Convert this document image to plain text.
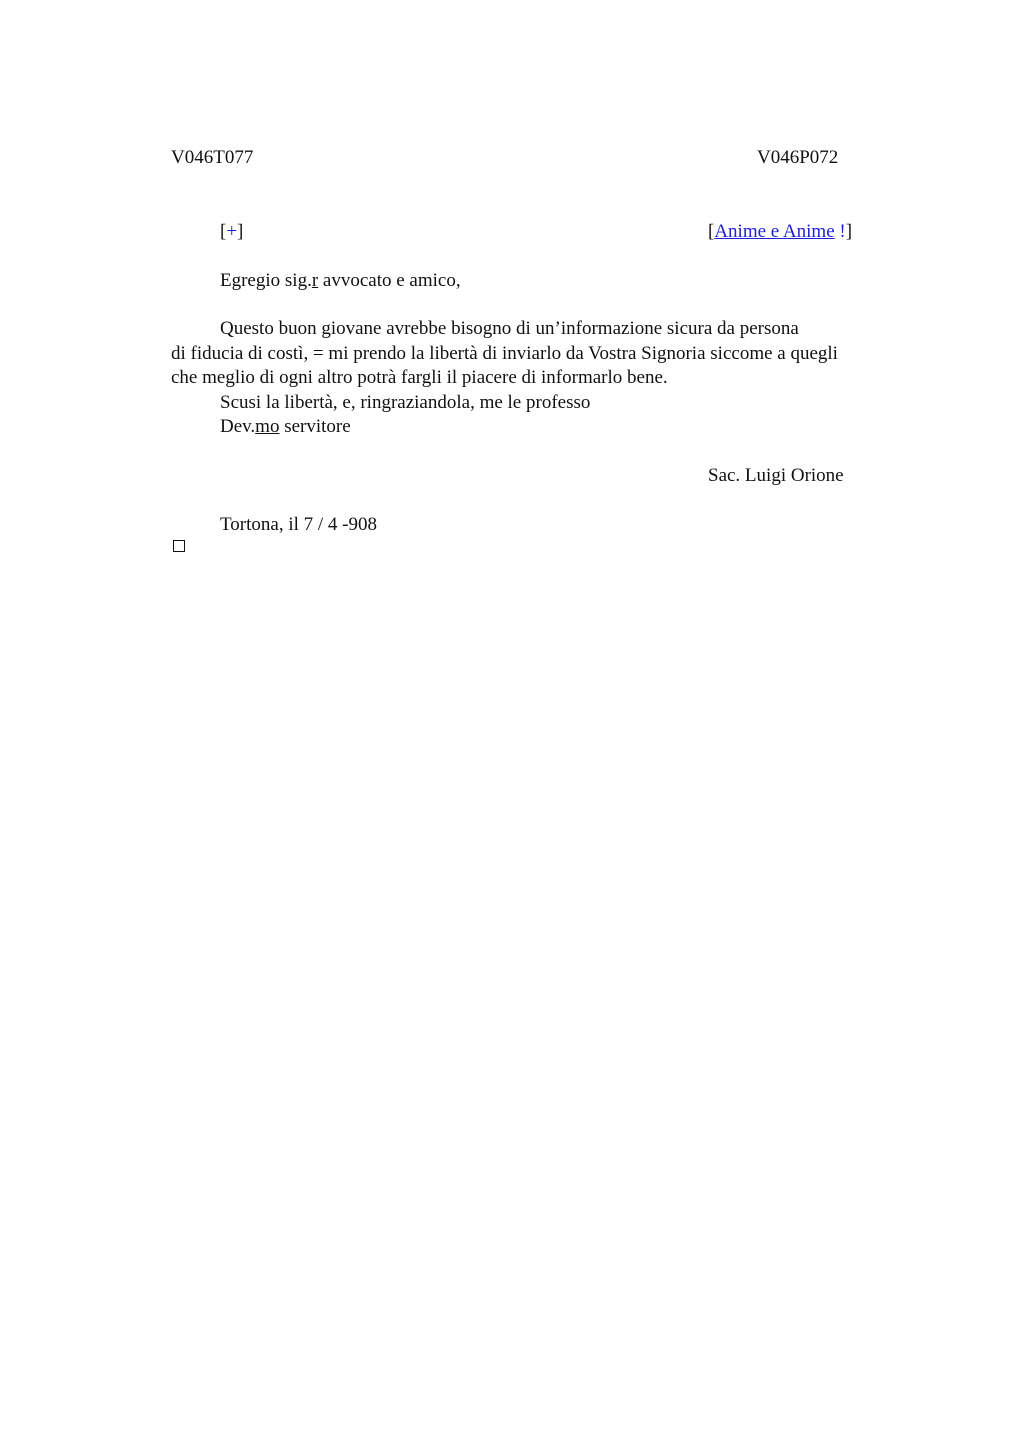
V046T077	V046P072
[+]	[Anime e Anime !]
Egregio sig.r avvocato e amico,
Questo buon giovane avrebbe bisogno di un’informazione sicura da persona
di fiducia di costì, = mi prendo la libertà di inviarlo da Vostra Signoria siccome a quegli
che meglio di ogni altro potrà fargli il piacere di informarlo bene.
Scusi la libertà, e, ringraziandola, me le professo
Dev.mo servitore
Sac. Luigi Orione
Tortona, il 7 / 4 -908
